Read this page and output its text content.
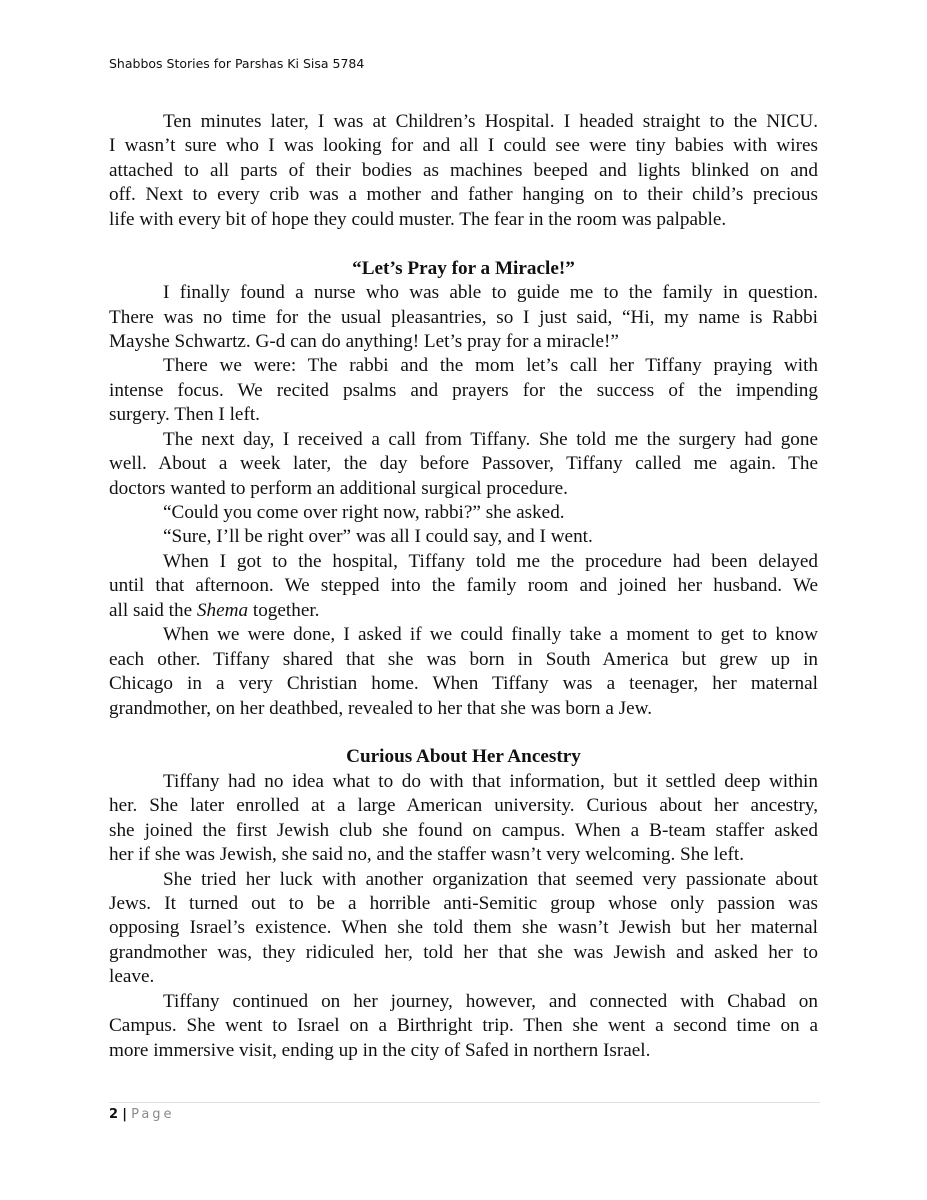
Shabbos Stories for Parshas Ki Sisa 5784
Ten minutes later, I was at Children’s Hospital. I headed straight to the NICU.
I wasn’t sure who I was looking for and all I could see were tiny babies with wires
attached to all parts of their bodies as machines beeped and lights blinked on and
off. Next to every crib was a mother and father hanging on to their child’s precious
life with every bit of hope they could muster. The fear in the room was palpable.
“Let’s Pray for a Miracle!”
I finally found a nurse who was able to guide me to the family in question.
There was no time for the usual pleasantries, so I just said, “Hi, my name is Rabbi
Mayshe Schwartz. G-d can do anything! Let’s pray for a miracle!”
There we were: The rabbi and the mom let’s call her Tiffany praying with
intense focus. We recited psalms and prayers for the success of the impending
surgery. Then I left.
The next day, I received a call from Tiffany. She told me the surgery had gone
well. About a week later, the day before Passover, Tiffany called me again. The
doctors wanted to perform an additional surgical procedure.
“Could you come over right now, rabbi?” she asked.
“Sure, I’ll be right over” was all I could say, and I went.
When I got to the hospital, Tiffany told me the procedure had been delayed
until that afternoon. We stepped into the family room and joined her husband. We
all said the Shema together.
When we were done, I asked if we could finally take a moment to get to know
each other. Tiffany shared that she was born in South America but grew up in
Chicago in a very Christian home. When Tiffany was a teenager, her maternal
grandmother, on her deathbed, revealed to her that she was born a Jew.
Curious About Her Ancestry
Tiffany had no idea what to do with that information, but it settled deep within
her. She later enrolled at a large American university. Curious about her ancestry,
she joined the first Jewish club she found on campus. When a B-team staffer asked
her if she was Jewish, she said no, and the staffer wasn’t very welcoming. She left.
She tried her luck with another organization that seemed very passionate about
Jews. It turned out to be a horrible anti-Semitic group whose only passion was
opposing Israel’s existence. When she told them she wasn’t Jewish but her maternal
grandmother was, they ridiculed her, told her that she was Jewish and asked her to
leave.
Tiffany continued on her journey, however, and connected with Chabad on
Campus. She went to Israel on a Birthright trip. Then she went a second time on a
more immersive visit, ending up in the city of Safed in northern Israel.
2 | Page
